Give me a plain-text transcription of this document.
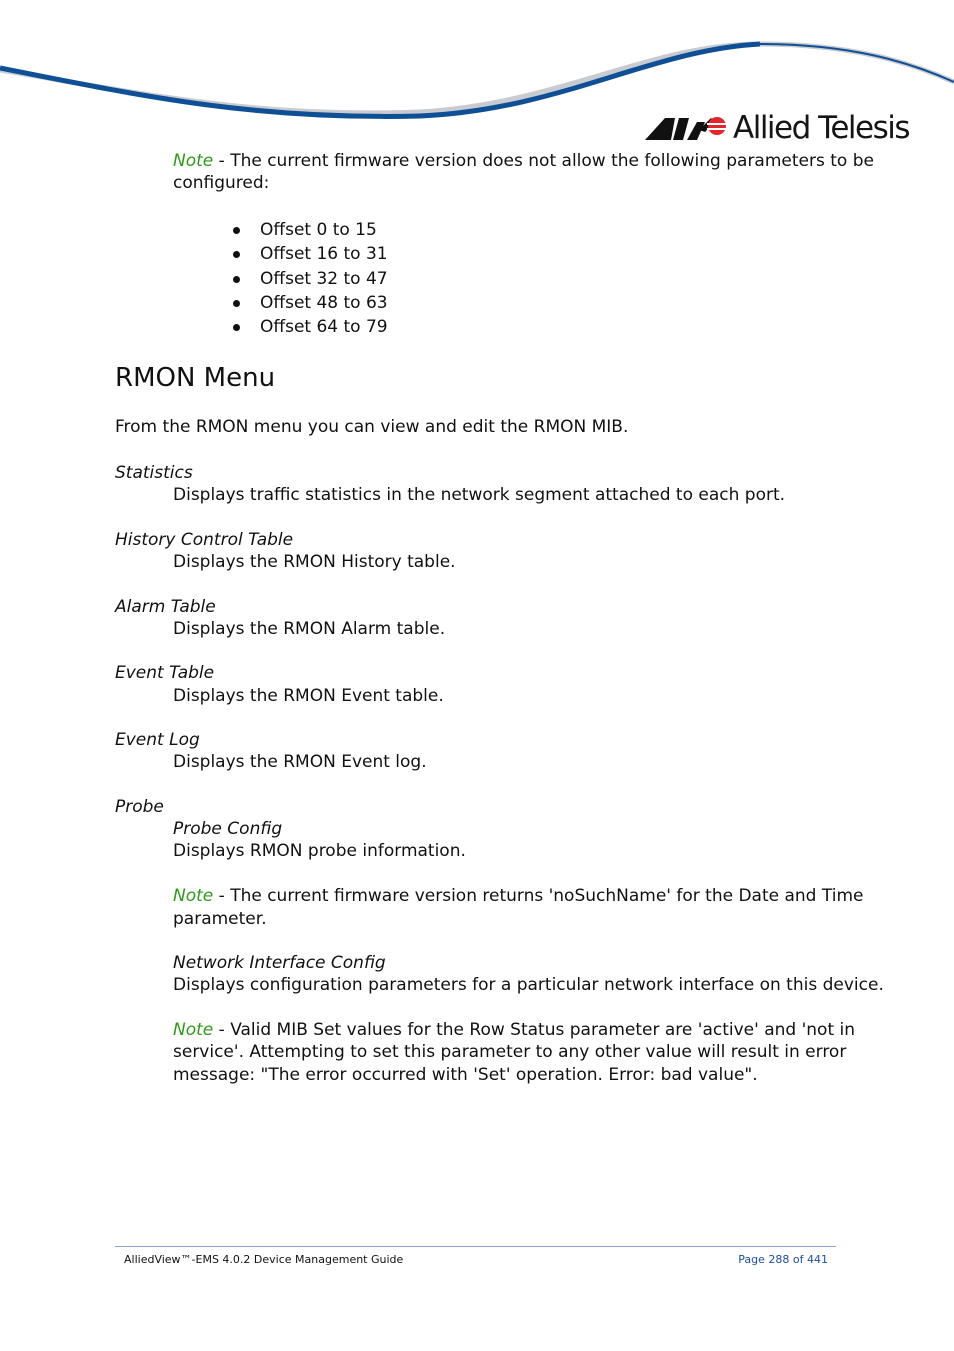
Allied Telesis
Note - The current firmware version does not allow the following parameters to be
configured:
Offset 0 to 15
Offset 16 to 31
Offset 32 to 47
Offset 48 to 63
Offset 64 to 79
RMON Menu
From the RMON menu you can view and edit the RMON MIB.
Statistics
Displays traffic statistics in the network segment attached to each port.
History Control Table
Displays the RMON History table.
Alarm Table
Displays the RMON Alarm table.
Event Table
Displays the RMON Event table.
Event Log
Displays the RMON Event log.
Probe
Probe Config
Displays RMON probe information.
Note - The current firmware version returns 'noSuchName' for the Date and Time
parameter.
Network Interface Config
Displays configuration parameters for a particular network interface on this device.
Note - Valid MIB Set values for the Row Status parameter are 'active' and 'not in
service'. Attempting to set this parameter to any other value will result in error
message: "The error occurred with 'Set' operation. Error: bad value".
AlliedView™-EMS 4.0.2 Device Management Guide	Page 288 of 441
